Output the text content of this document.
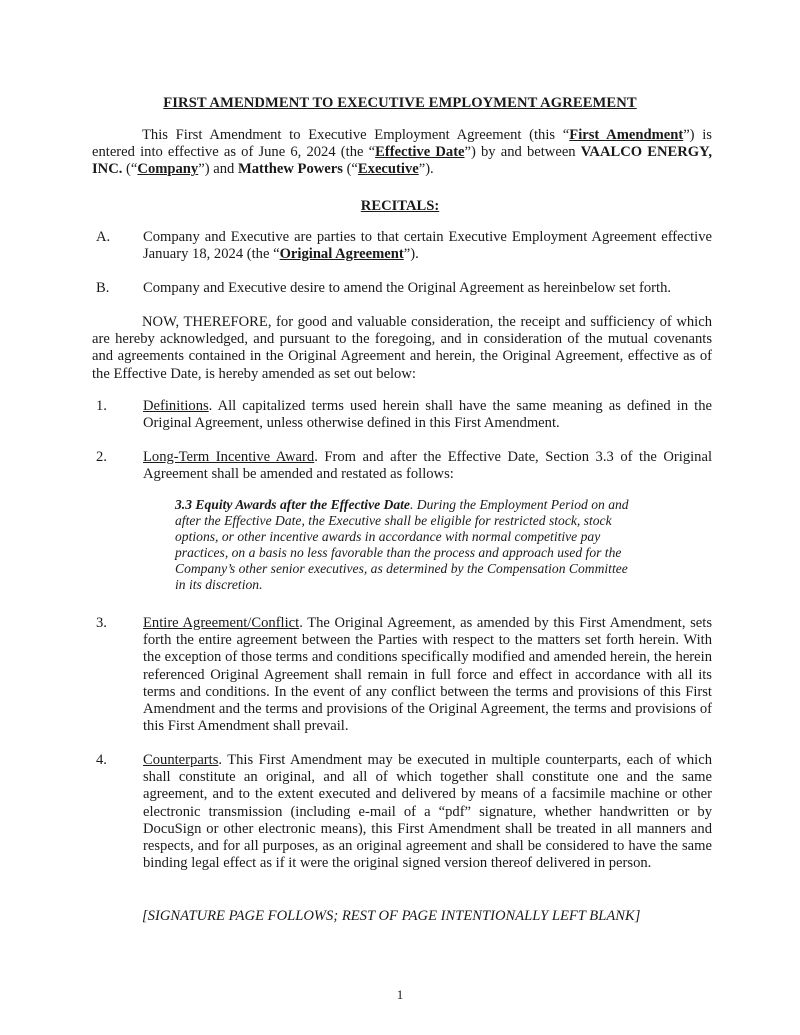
FIRST AMENDMENT TO EXECUTIVE EMPLOYMENT AGREEMENT
This First Amendment to Executive Employment Agreement (this “First Amendment”) is entered into effective as of June 6, 2024 (the “Effective Date”) by and between VAALCO ENERGY, INC. (“Company”) and Matthew Powers (“Executive”).
RECITALS:
A. Company and Executive are parties to that certain Executive Employment Agreement effective January 18, 2024 (the “Original Agreement”).
B. Company and Executive desire to amend the Original Agreement as hereinbelow set forth.
NOW, THEREFORE, for good and valuable consideration, the receipt and sufficiency of which are hereby acknowledged, and pursuant to the foregoing, and in consideration of the mutual covenants and agreements contained in the Original Agreement and herein, the Original Agreement, effective as of the Effective Date, is hereby amended as set out below:
1. Definitions. All capitalized terms used herein shall have the same meaning as defined in the Original Agreement, unless otherwise defined in this First Amendment.
2. Long-Term Incentive Award. From and after the Effective Date, Section 3.3 of the Original Agreement shall be amended and restated as follows:
3.3 Equity Awards after the Effective Date. During the Employment Period on and after the Effective Date, the Executive shall be eligible for restricted stock, stock options, or other incentive awards in accordance with normal competitive pay practices, on a basis no less favorable than the process and approach used for the Company’s other senior executives, as determined by the Compensation Committee in its discretion.
3. Entire Agreement/Conflict. The Original Agreement, as amended by this First Amendment, sets forth the entire agreement between the Parties with respect to the matters set forth herein. With the exception of those terms and conditions specifically modified and amended herein, the herein referenced Original Agreement shall remain in full force and effect in accordance with all its terms and conditions. In the event of any conflict between the terms and provisions of this First Amendment and the terms and provisions of the Original Agreement, the terms and provisions of this First Amendment shall prevail.
4. Counterparts. This First Amendment may be executed in multiple counterparts, each of which shall constitute an original, and all of which together shall constitute one and the same agreement, and to the extent executed and delivered by means of a facsimile machine or other electronic transmission (including e-mail of a “pdf” signature, whether handwritten or by DocuSign or other electronic means), this First Amendment shall be treated in all manners and respects, and for all purposes, as an original agreement and shall be considered to have the same binding legal effect as if it were the original signed version thereof delivered in person.
[SIGNATURE PAGE FOLLOWS; REST OF PAGE INTENTIONALLY LEFT BLANK]
1
